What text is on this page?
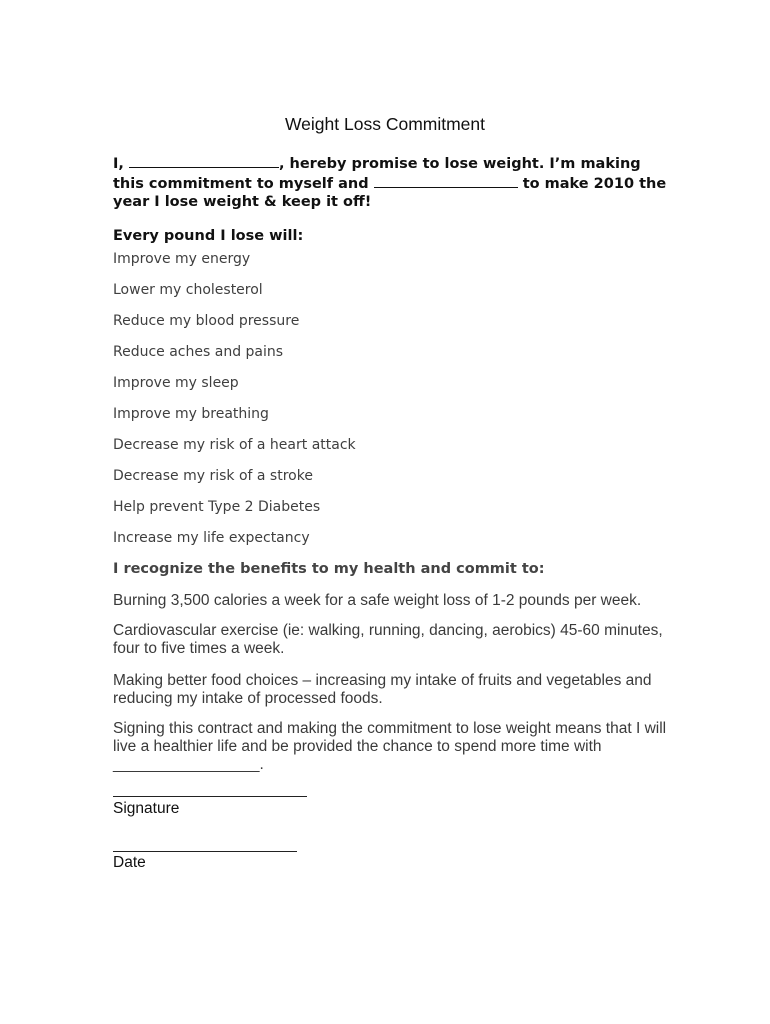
Weight Loss Commitment
I,	, hereby promise to lose weight. I’m making this commitment to myself and	to make 2010 the year I lose weight & keep it off!
Every pound I lose will:
Improve my energy
Lower my cholesterol
Reduce my blood pressure
Reduce aches and pains
Improve my sleep
Improve my breathing
Decrease my risk of a heart attack
Decrease my risk of a stroke
Help prevent Type 2 Diabetes
Increase my life expectancy
I recognize the benefits to my health and commit to:
Burning 3,500 calories a week for a safe weight loss of 1-2 pounds per week.
Cardiovascular exercise (ie: walking, running, dancing, aerobics) 45-60 minutes, four to five times a week.
Making better food choices – increasing my intake of fruits and vegetables and reducing my intake of processed foods.
Signing this contract and making the commitment to lose weight means that I will live a healthier life and be provided the chance to spend more time with _________________.
Signature
Date
